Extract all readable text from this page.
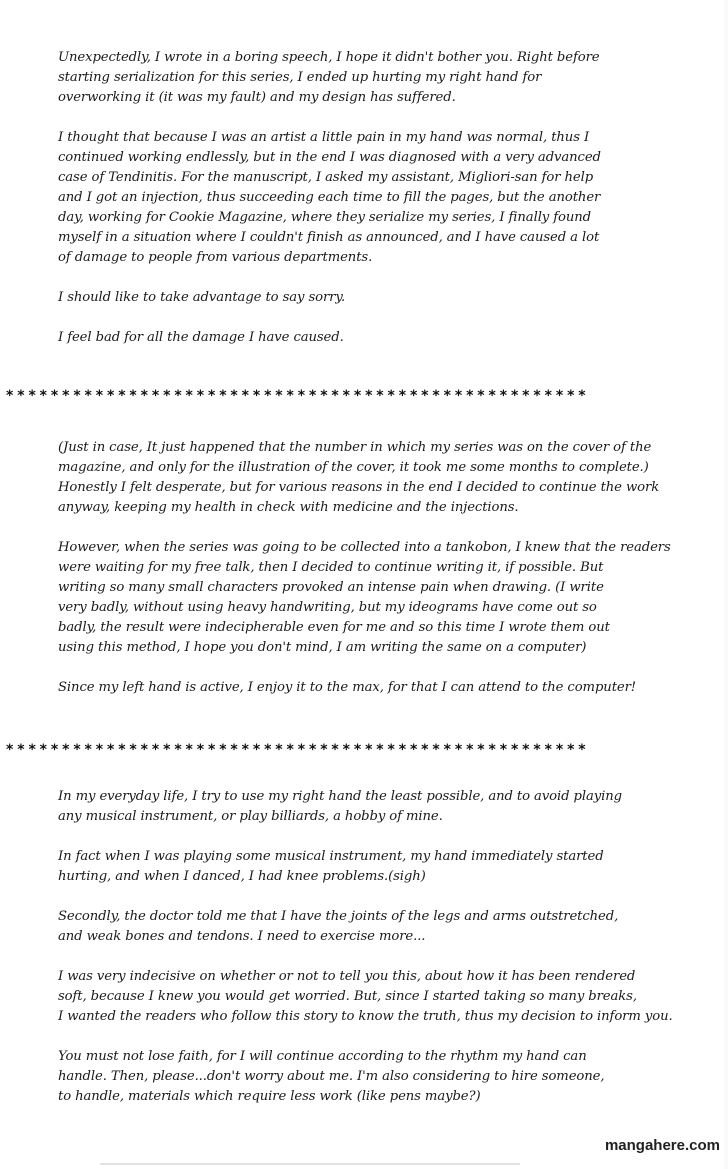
Unexpectedly, I wrote in a boring speech, I hope it didn't bother you. Right before
starting serialization for this series, I ended up hurting my right hand for
overworking it (it was my fault) and my design has suffered.

I thought that because I was an artist a little pain in my hand was normal, thus I
continued working endlessly, but in the end I was diagnosed with a very advanced
case of Tendinitis. For the manuscript, I asked my assistant, Migliori-san for help
and I got an injection, thus succeeding each time to fill the pages, but the another
day, working for Cookie Magazine, where they serialize my series, I finally found
myself in a situation where I couldn't finish as announced, and I have caused a lot
of damage to people from various departments.

I should like to take advantage to say sorry.

I feel bad for all the damage I have caused.

****************************************************

(Just in case, It just happened that the number in which my series was on the cover of the
magazine, and only for the illustration of the cover, it took me some months to complete.)
Honestly I felt desperate, but for various reasons in the end I decided to continue the work
anyway, keeping my health in check with medicine and the injections.

However, when the series was going to be collected into a tankobon, I knew that the readers
were waiting for my free talk, then I decided to continue writing it, if possible. But
writing so many small characters provoked an intense pain when drawing. (I write
very badly, without using heavy handwriting, but my ideograms have come out so
badly, the result were indecipherable even for me and so this time I wrote them out
using this method, I hope you don't mind, I am writing the same on a computer)

Since my left hand is active, I enjoy it to the max, for that I can attend to the computer!

****************************************************

In my everyday life, I try to use my right hand the least possible, and to avoid playing
any musical instrument, or play billiards, a hobby of mine.

In fact when I was playing some musical instrument, my hand immediately started
hurting, and when I danced, I had knee problems.(sigh)

Secondly, the doctor told me that I have the joints of the legs and arms outstretched,
and weak bones and tendons. I need to exercise more...

I was very indecisive on whether or not to tell you this, about how it has been rendered
soft, because I knew you would get worried. But, since I started taking so many breaks,
I wanted the readers who follow this story to know the truth, thus my decision to inform you.

You must not lose faith, for I will continue according to the rhythm my hand can
handle. Then, please...don't worry about me. I'm also considering to hire someone,
to handle, materials which require less work (like pens maybe?)

mangahere.com
